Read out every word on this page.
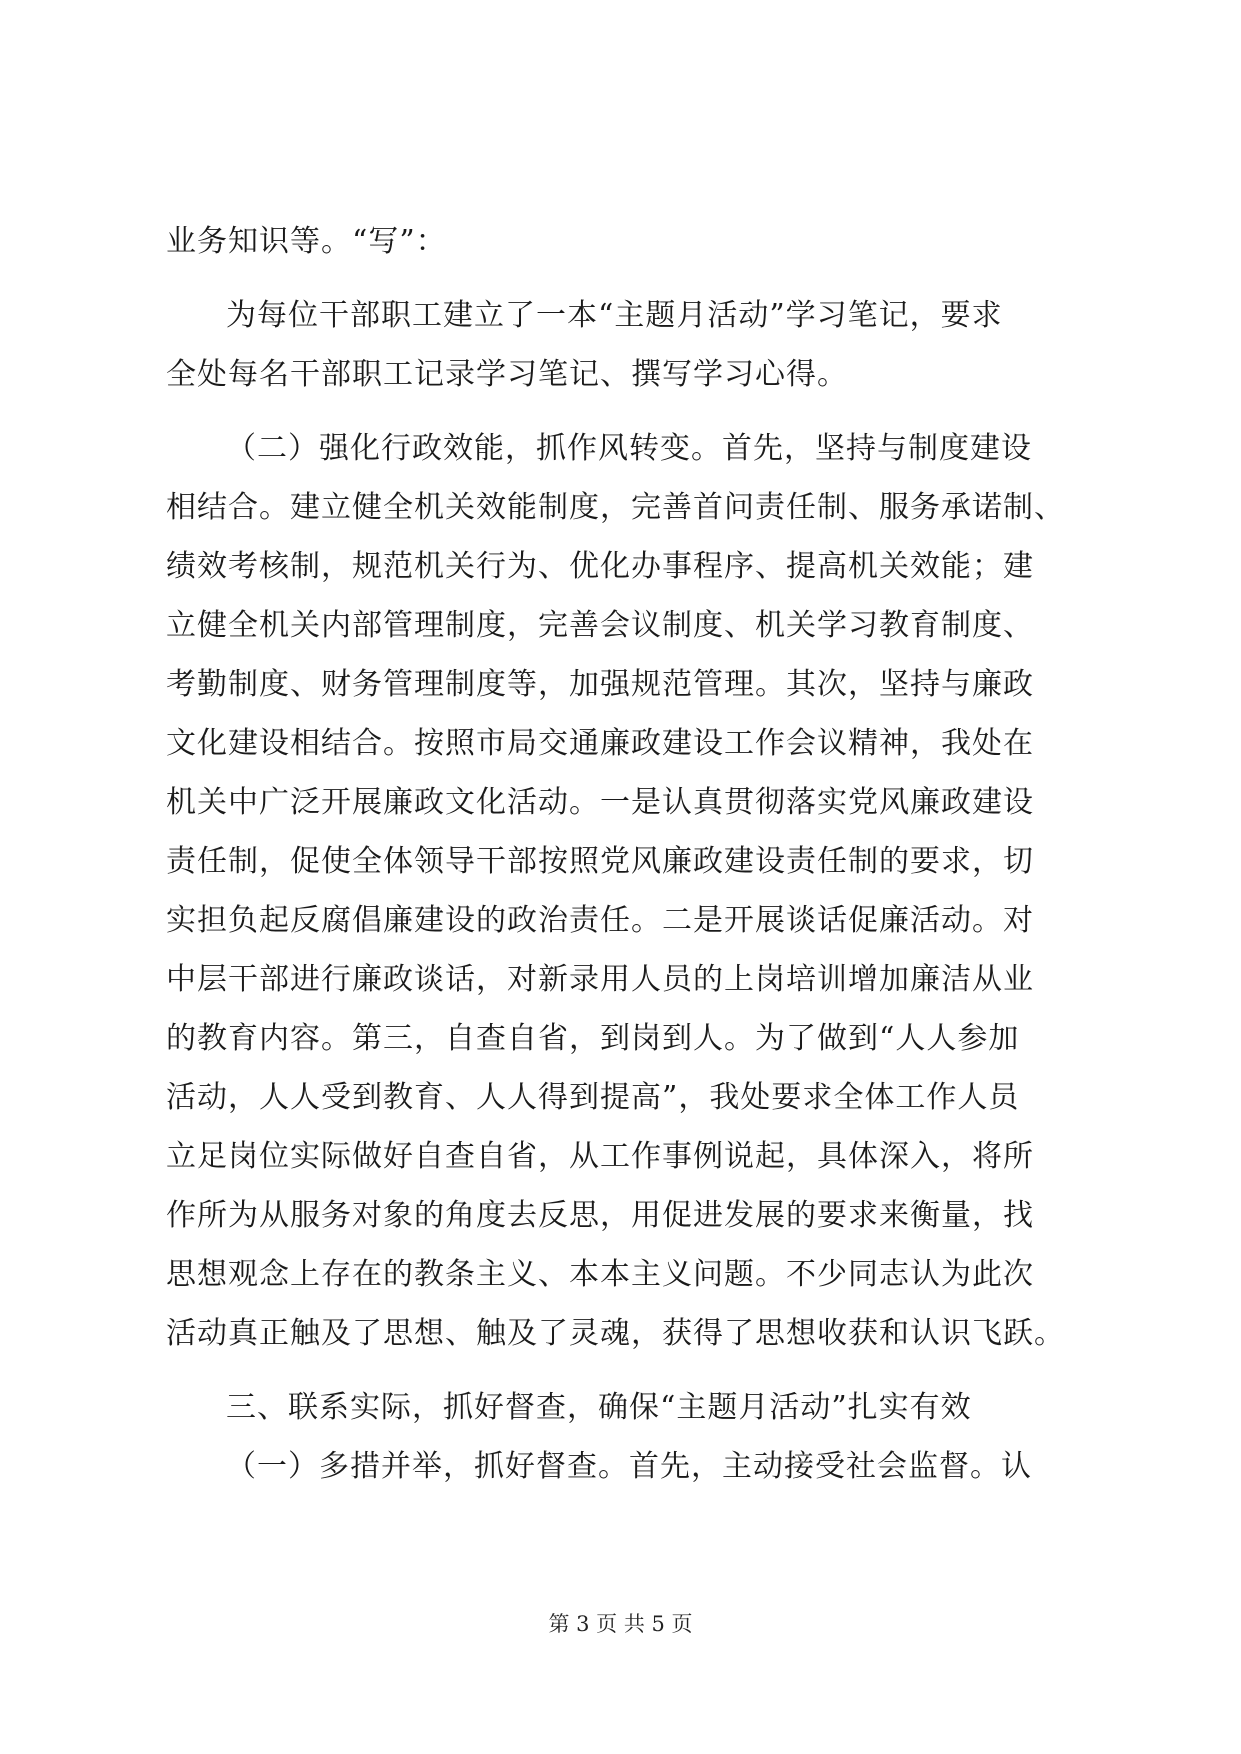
业务知识等。“写”：
为每位干部职工建立了一本“主题月活动”学习笔记，要求
全处每名干部职工记录学习笔记、撰写学习心得。
（二）强化行政效能，抓作风转变。首先，坚持与制度建设
相结合。建立健全机关效能制度，完善首问责任制、服务承诺制、
绩效考核制，规范机关行为、优化办事程序、提高机关效能；建
立健全机关内部管理制度，完善会议制度、机关学习教育制度、
考勤制度、财务管理制度等，加强规范管理。其次，坚持与廉政
文化建设相结合。按照市局交通廉政建设工作会议精神，我处在
机关中广泛开展廉政文化活动。一是认真贯彻落实党风廉政建设
责任制，促使全体领导干部按照党风廉政建设责任制的要求，切
实担负起反腐倡廉建设的政治责任。二是开展谈话促廉活动。对
中层干部进行廉政谈话，对新录用人员的上岗培训增加廉洁从业
的教育内容。第三，自查自省，到岗到人。为了做到“人人参加
活动，人人受到教育、人人得到提高”，我处要求全体工作人员
立足岗位实际做好自查自省，从工作事例说起，具体深入，将所
作所为从服务对象的角度去反思，用促进发展的要求来衡量，找
思想观念上存在的教条主义、本本主义问题。不少同志认为此次
活动真正触及了思想、触及了灵魂，获得了思想收获和认识飞跃。
三、联系实际，抓好督查，确保“主题月活动”扎实有效
（一）多措并举，抓好督查。首先，主动接受社会监督。认
第 3 页 共 5 页
